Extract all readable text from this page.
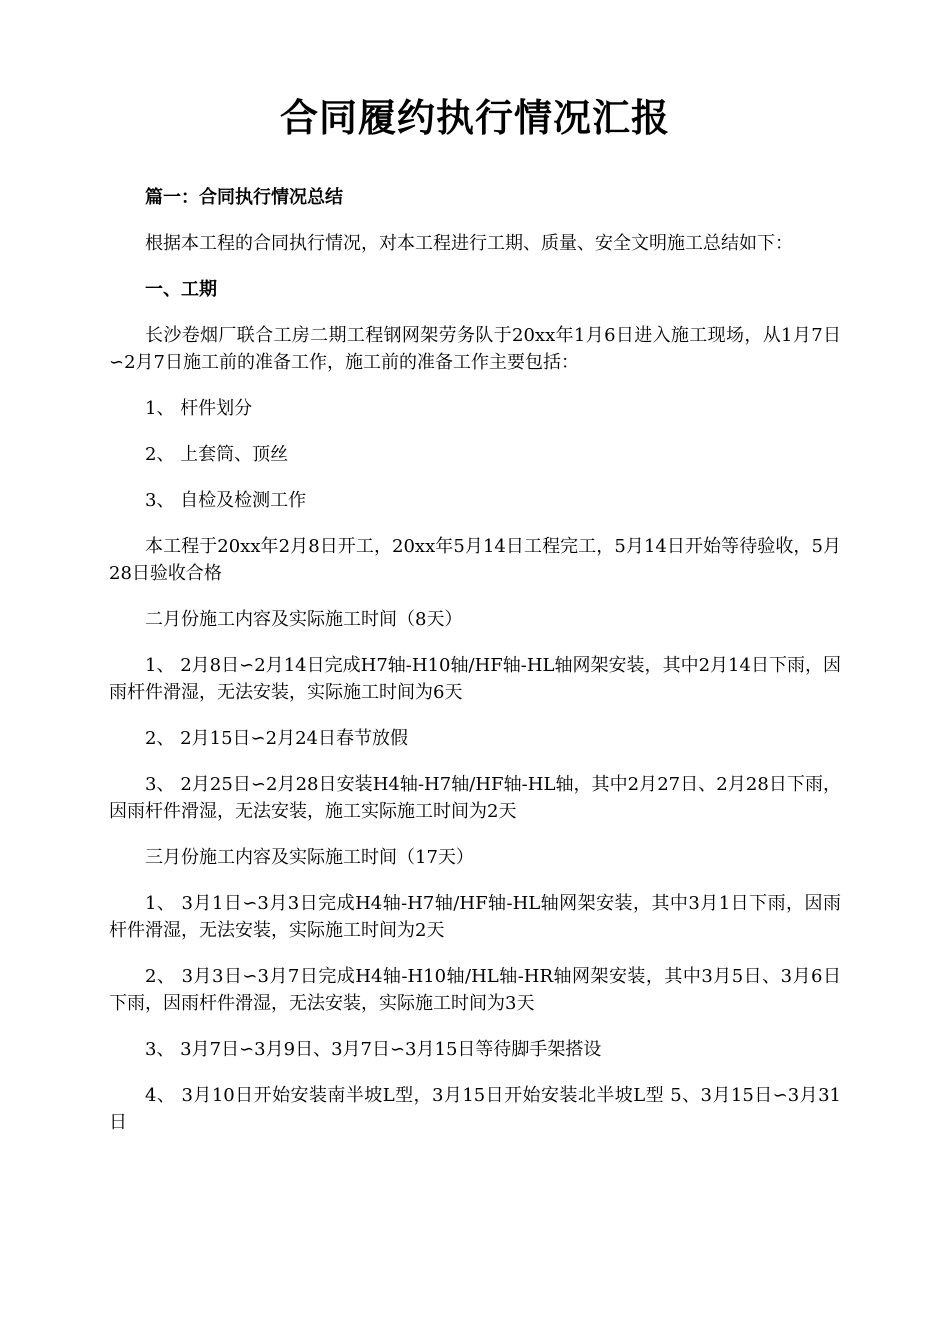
合同履约执行情况汇报

篇一：合同执行情况总结

根据本工程的合同执行情况，对本工程进行工期、质量、安全文明施工总结如下：

一、工期

长沙卷烟厂联合工房二期工程钢网架劳务队于20xx年1月6日进入施工现场，从1月7日∽2月7日施工前的准备工作，施工前的准备工作主要包括：

1、 杆件划分

2、 上套筒、顶丝

3、 自检及检测工作

本工程于20xx年2月8日开工，20xx年5月14日工程完工，5月14日开始等待验收，5月28日验收合格

二月份施工内容及实际施工时间（8天）

1、 2月8日∽2月14日完成H7轴-H10轴/HF轴-HL轴网架安装，其中2月14日下雨，因雨杆件滑湿，无法安装，实际施工时间为6天

2、 2月15日∽2月24日春节放假

3、 2月25日∽2月28日安装H4轴-H7轴/HF轴-HL轴，其中2月27日、2月28日下雨，因雨杆件滑湿，无法安装，施工实际施工时间为2天

三月份施工内容及实际施工时间（17天）

1、 3月1日∽3月3日完成H4轴-H7轴/HF轴-HL轴网架安装，其中3月1日下雨，因雨杆件滑湿，无法安装，实际施工时间为2天

2、 3月3日∽3月7日完成H4轴-H10轴/HL轴-HR轴网架安装，其中3月5日、3月6日下雨，因雨杆件滑湿，无法安装，实际施工时间为3天

3、 3月7日∽3月9日、3月7日∽3月15日等待脚手架搭设

4、 3月10日开始安装南半坡L型，3月15日开始安装北半坡L型 5、3月15日∽3月31日
